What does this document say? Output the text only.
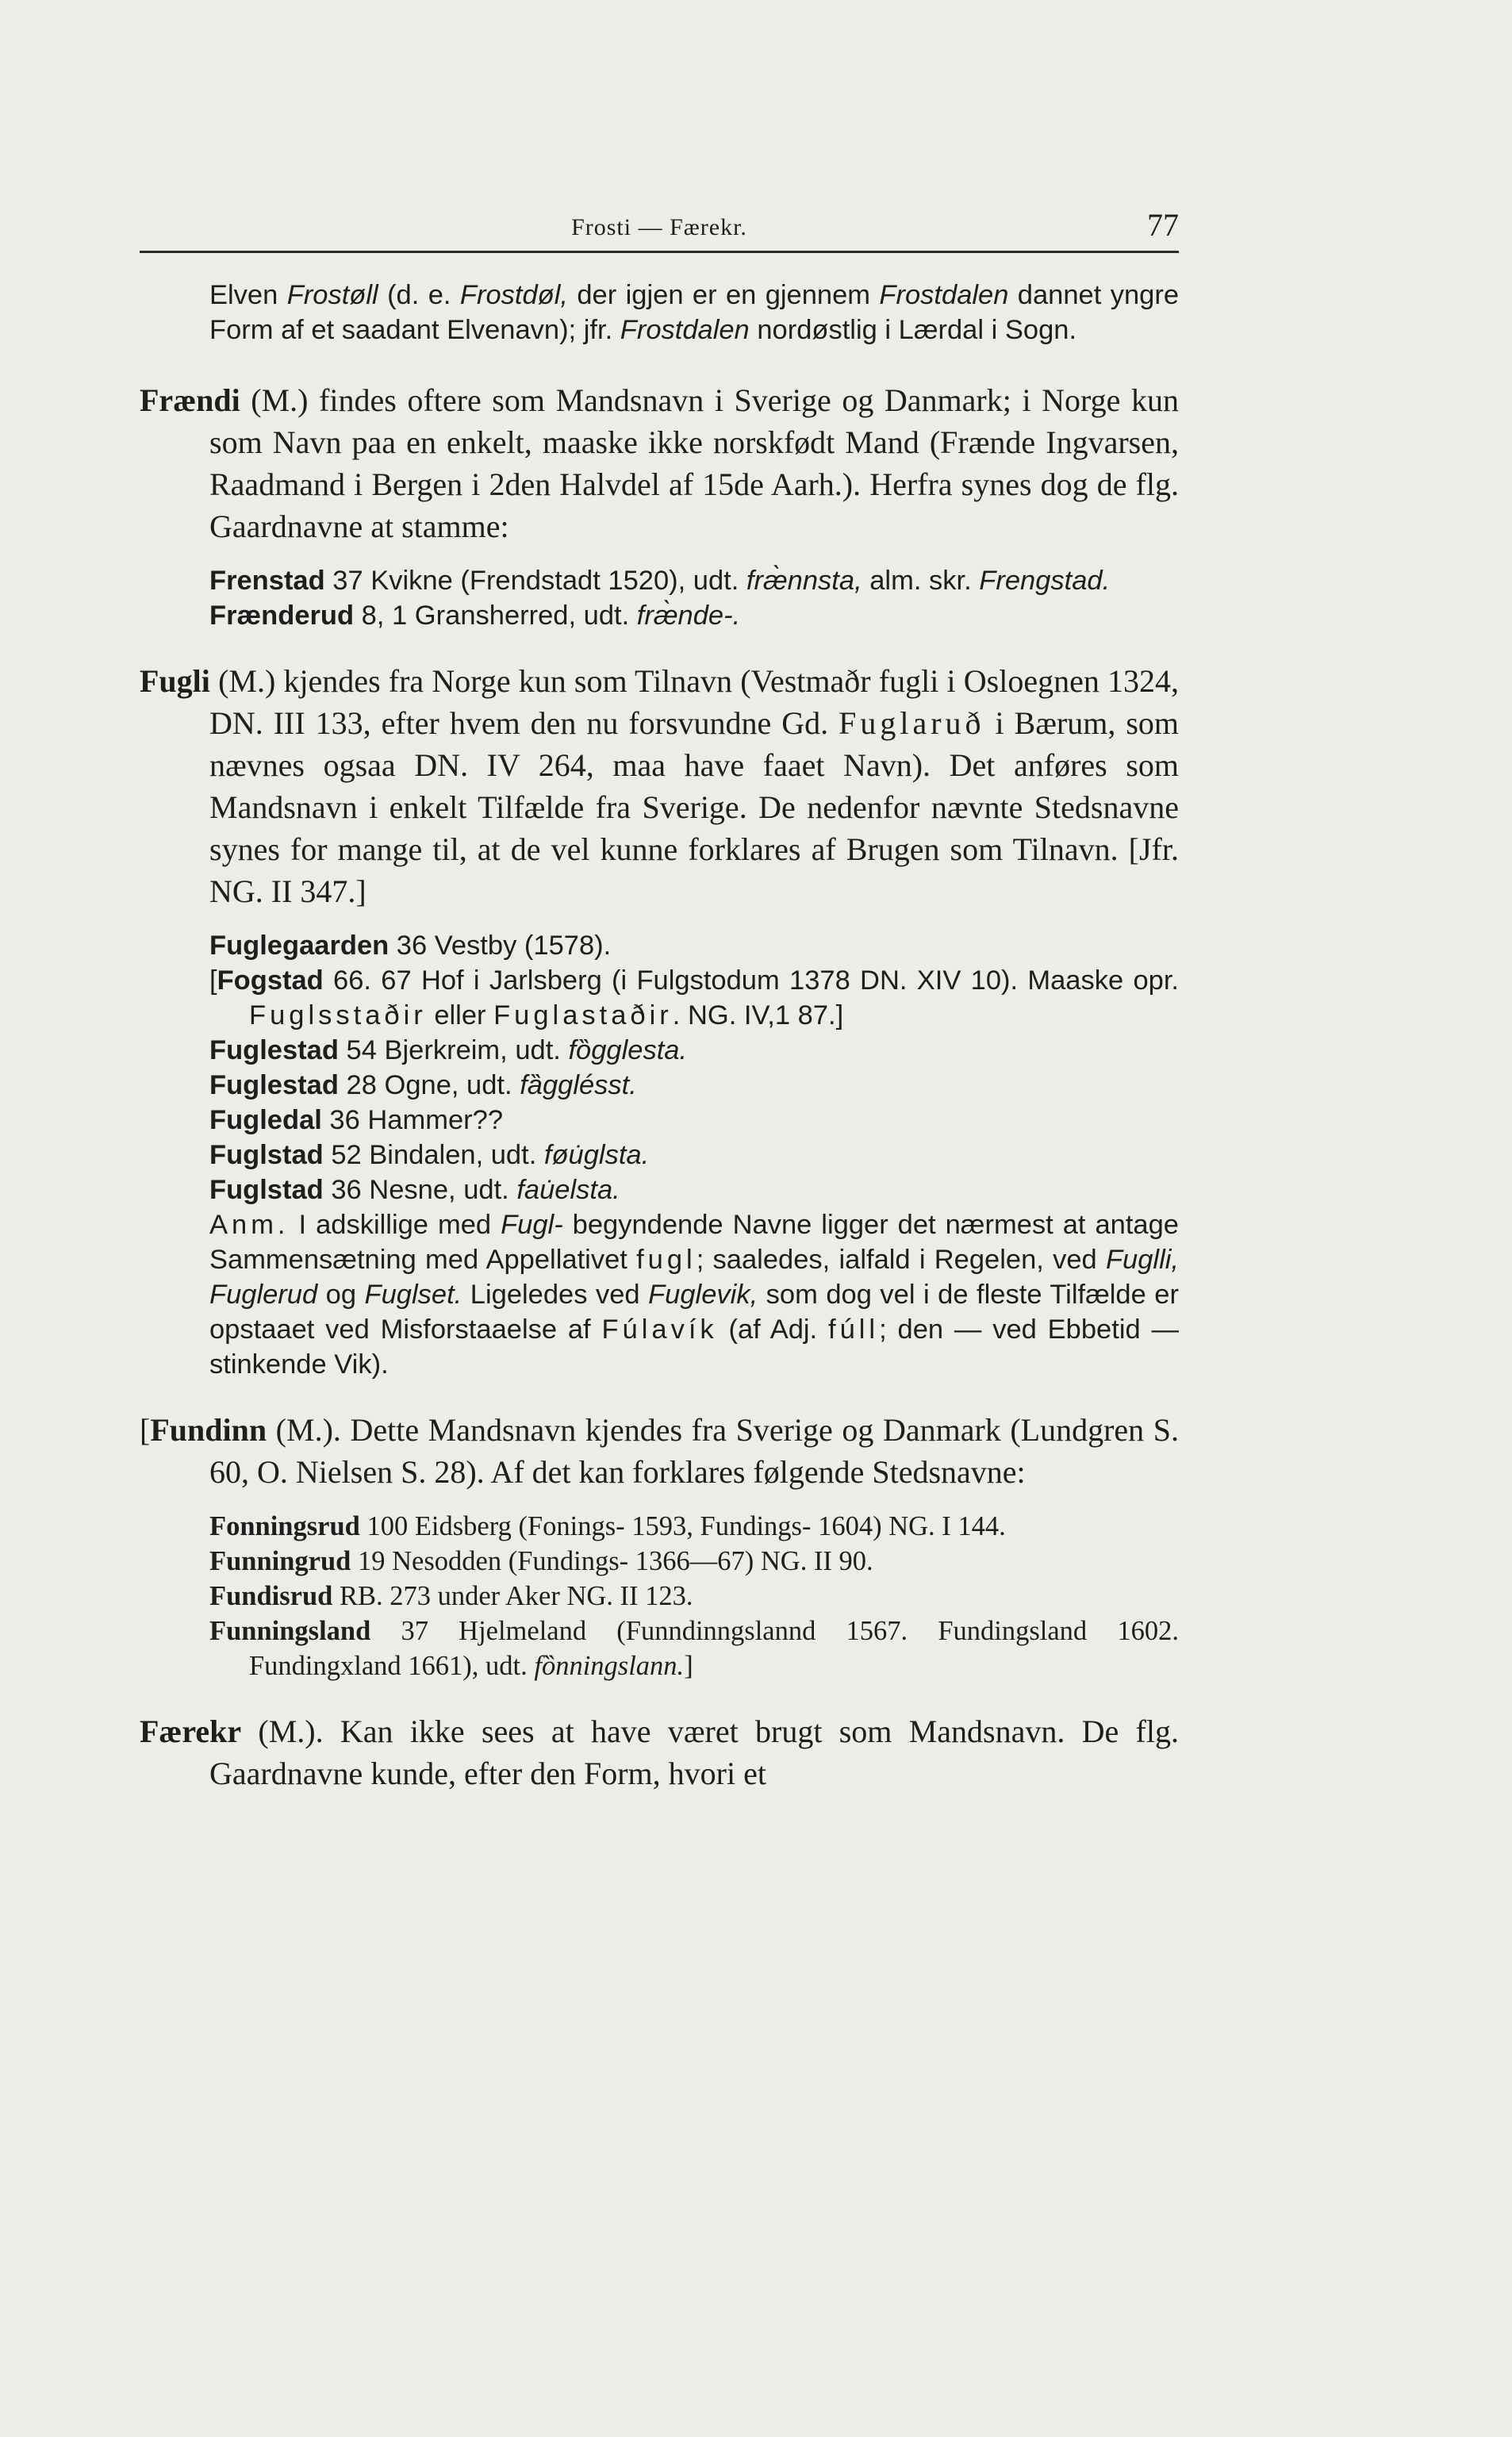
Frosti — Færekr.	77

Elven Frostøll (d. e. Frostdøl, der igjen er en gjennem Frostdalen dannet yngre Form af et saadant Elvenavn); jfr. Frostdalen nordøstlig i Lærdal i Sogn.

Frændi (M.) findes oftere som Mandsnavn i Sverige og Danmark; i Norge kun som Navn paa en enkelt, maaske ikke norskfødt Mand (Frænde Ingvarsen, Raadmand i Bergen i 2den Halvdel af 15de Aarh.). Herfra synes dog de flg. Gaardnavne at stamme:

Frenstad 37 Kvikne (Frendstadt 1520), udt. fræ̀nnsta, alm. skr. Frengstad.

Frænderud 8, 1 Gransherred, udt. fræ̀nde-.

Fugli (M.) kjendes fra Norge kun som Tilnavn (Vestmaðr fugli i Osloegnen 1324, DN. III 133, efter hvem den nu forsvundne Gd. Fuglaruð i Bærum, som nævnes ogsaa DN. IV 264, maa have faaet Navn). Det anføres som Mandsnavn i enkelt Tilfælde fra Sverige. De nedenfor nævnte Stedsnavne synes for mange til, at de vel kunne forklares af Brugen som Tilnavn. [Jfr. NG. II 347.]

Fuglegaarden 36 Vestby (1578).

[Fogstad 66. 67 Hof i Jarlsberg (i Fulgstodum 1378 DN. XIV 10). Maaske opr. Fuglsstaðir eller Fuglastaðir. NG. IV,1 87.]

Fuglestad 54 Bjerkreim, udt. fȍgglesta.

Fuglestad 28 Ogne, udt. fȁgglésst.

Fugledal 36 Hammer??

Fuglstad 52 Bindalen, udt. føu̇glsta.

Fuglstad 36 Nesne, udt. fau̇elsta.

Anm. I adskillige med Fugl- begyndende Navne ligger det nærmest at antage Sammensætning med Appellativet fugl; saaledes, ialfald i Regelen, ved Fuglli, Fuglerud og Fuglset. Ligeledes ved Fuglevik, som dog vel i de fleste Tilfælde er opstaaet ved Misforstaaelse af Fúlavík (af Adj. fúll; den — ved Ebbetid — stinkende Vik).

[Fundinn (M.). Dette Mandsnavn kjendes fra Sverige og Danmark (Lundgren S. 60, O. Nielsen S. 28). Af det kan forklares følgende Stedsnavne:

Fonningsrud 100 Eidsberg (Fonings- 1593, Fundings- 1604) NG. I 144.

Funningrud 19 Nesodden (Fundings- 1366—67) NG. II 90.

Fundisrud RB. 273 under Aker NG. II 123.

Funningsland 37 Hjelmeland (Funndinngslannd 1567. Fundingsland 1602. Fundingxland 1661), udt. fȍnningslann.]

Færekr (M.). Kan ikke sees at have været brugt som Mandsnavn. De flg. Gaardnavne kunde, efter den Form, hvori et
